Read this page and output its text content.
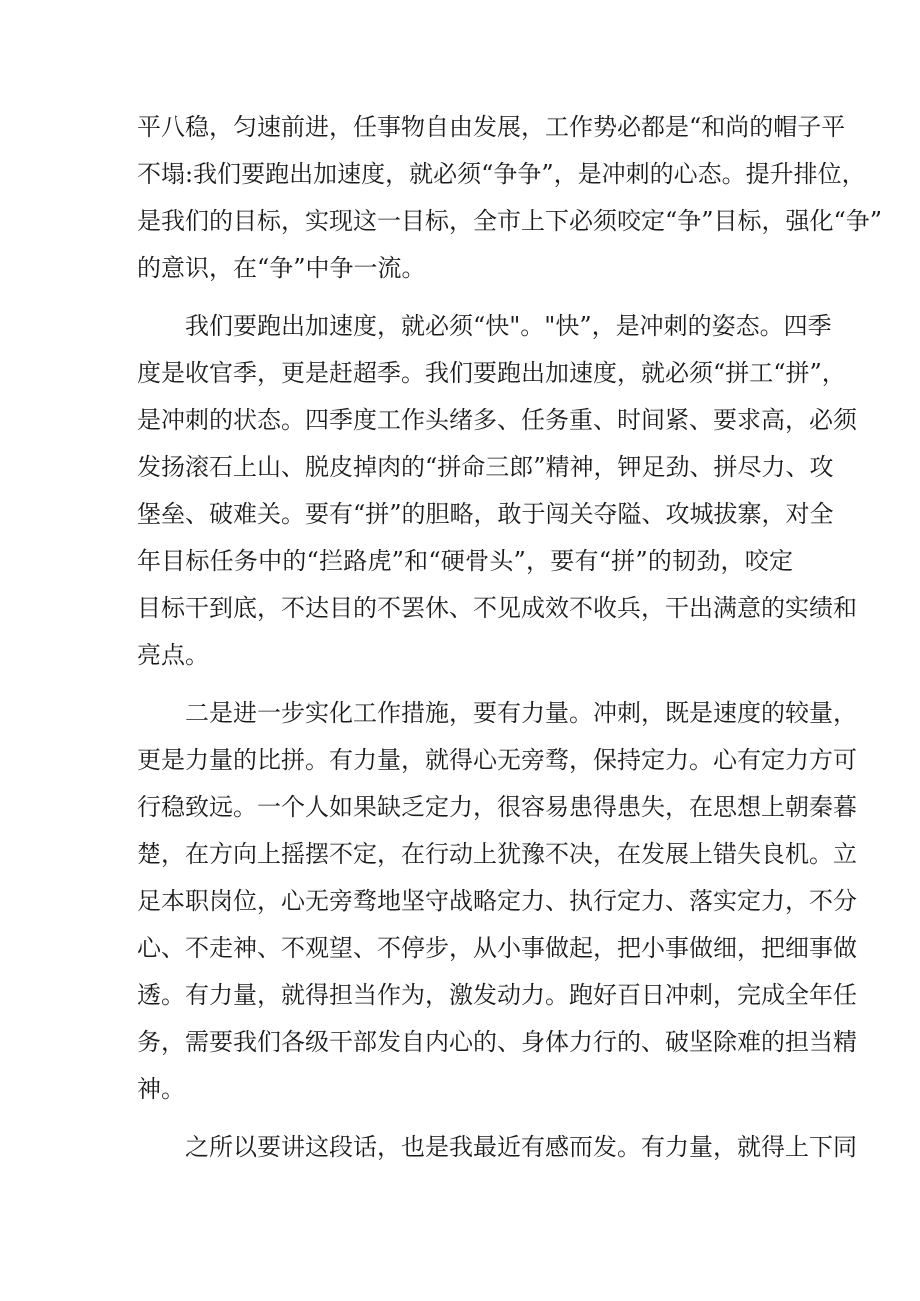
平八稳，匀速前进，任事物自由发展，工作势必都是“和尚的帽子平
不塌:我们要跑出加速度，就必须“争争”，是冲刺的心态。提升排位，
是我们的目标，实现这一目标，全市上下必须咬定“争”目标，强化“争”
的意识，在“争”中争一流。
我们要跑出加速度，就必须“快"。"快”，是冲刺的姿态。四季
度是收官季，更是赶超季。我们要跑出加速度，就必须“拼工“拼”，
是冲刺的状态。四季度工作头绪多、任务重、时间紧、要求高，必须
发扬滚石上山、脱皮掉肉的“拼命三郎”精神，钾足劲、拼尽力、攻
堡垒、破难关。要有“拼”的胆略，敢于闯关夺隘、攻城拔寨，对全
年目标任务中的“拦路虎”和“硬骨头”，要有“拼”的韧劲，咬定
目标干到底，不达目的不罢休、不见成效不收兵，干出满意的实绩和
亮点。
二是进一步实化工作措施，要有力量。冲刺，既是速度的较量，
更是力量的比拼。有力量，就得心无旁骛，保持定力。心有定力方可
行稳致远。一个人如果缺乏定力，很容易患得患失，在思想上朝秦暮
楚，在方向上摇摆不定，在行动上犹豫不决，在发展上错失良机。立
足本职岗位，心无旁骛地坚守战略定力、执行定力、落实定力，不分
心、不走神、不观望、不停步，从小事做起，把小事做细，把细事做
透。有力量，就得担当作为，激发动力。跑好百日冲刺，完成全年任
务，需要我们各级干部发自内心的、身体力行的、破坚除难的担当精
神。
之所以要讲这段话，也是我最近有感而发。有力量，就得上下同
